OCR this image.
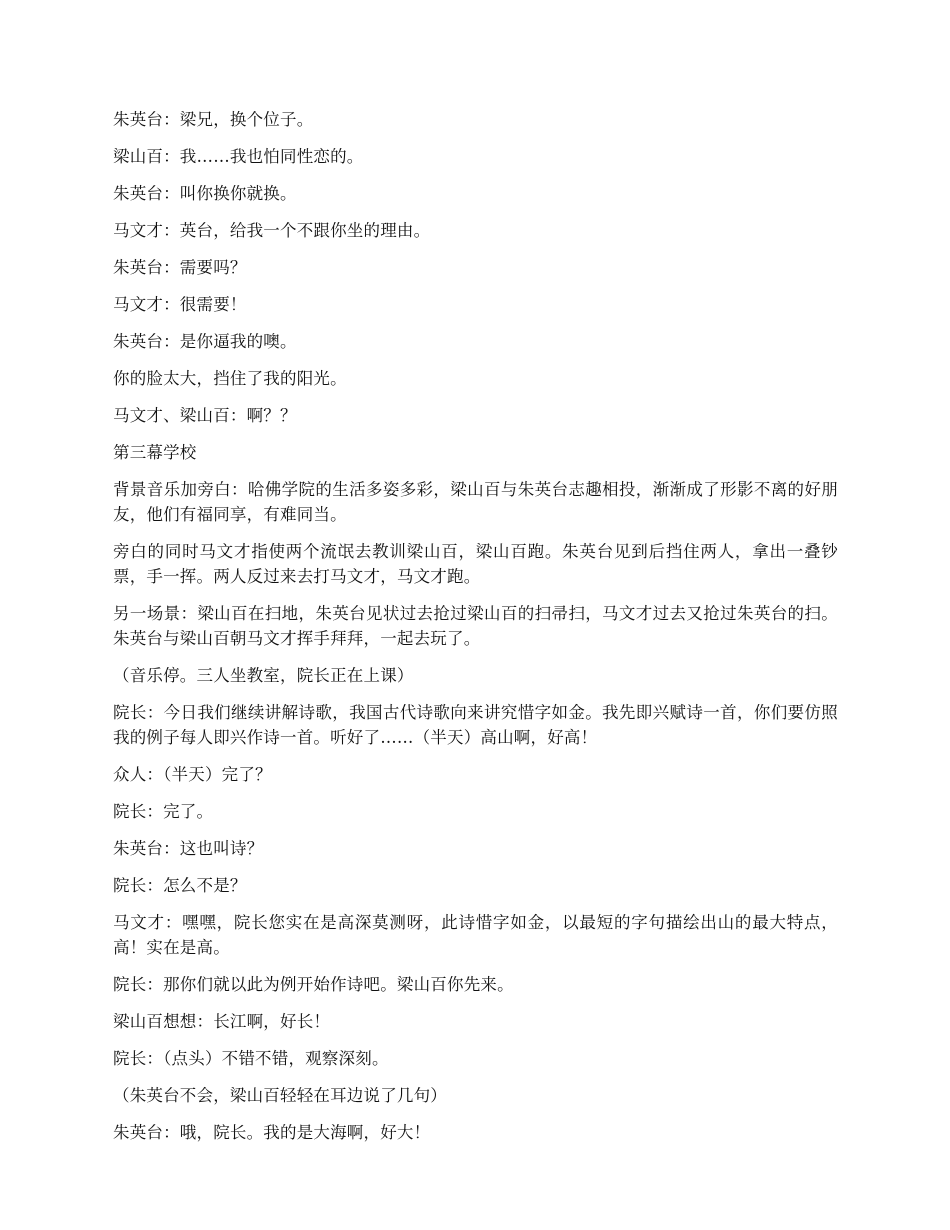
朱英台：梁兄，换个位子。

梁山百：我……我也怕同性恋的。

朱英台：叫你换你就换。

马文才：英台，给我一个不跟你坐的理由。

朱英台：需要吗？

马文才：很需要！

朱英台：是你逼我的噢。

你的脸太大，挡住了我的阳光。

马文才、梁山百：啊？？

第三幕学校

背景音乐加旁白：哈佛学院的生活多姿多彩，梁山百与朱英台志趣相投，渐渐成了形影不离的好朋友，他们有福同享，有难同当。

旁白的同时马文才指使两个流氓去教训梁山百，梁山百跑。朱英台见到后挡住两人，拿出一叠钞票，手一挥。两人反过来去打马文才，马文才跑。

另一场景：梁山百在扫地，朱英台见状过去抢过梁山百的扫帚扫，马文才过去又抢过朱英台的扫。朱英台与梁山百朝马文才挥手拜拜，一起去玩了。

（音乐停。三人坐教室，院长正在上课）

院长：今日我们继续讲解诗歌，我国古代诗歌向来讲究惜字如金。我先即兴赋诗一首，你们要仿照我的例子每人即兴作诗一首。听好了……（半天）高山啊，好高！

众人：（半天）完了？

院长：完了。

朱英台：这也叫诗？

院长：怎么不是？

马文才：嘿嘿，院长您实在是高深莫测呀，此诗惜字如金，以最短的字句描绘出山的最大特点，高！实在是高。

院长：那你们就以此为例开始作诗吧。梁山百你先来。

梁山百想想：长江啊，好长！

院长：（点头）不错不错，观察深刻。

（朱英台不会，梁山百轻轻在耳边说了几句）

朱英台：哦，院长。我的是大海啊，好大！
